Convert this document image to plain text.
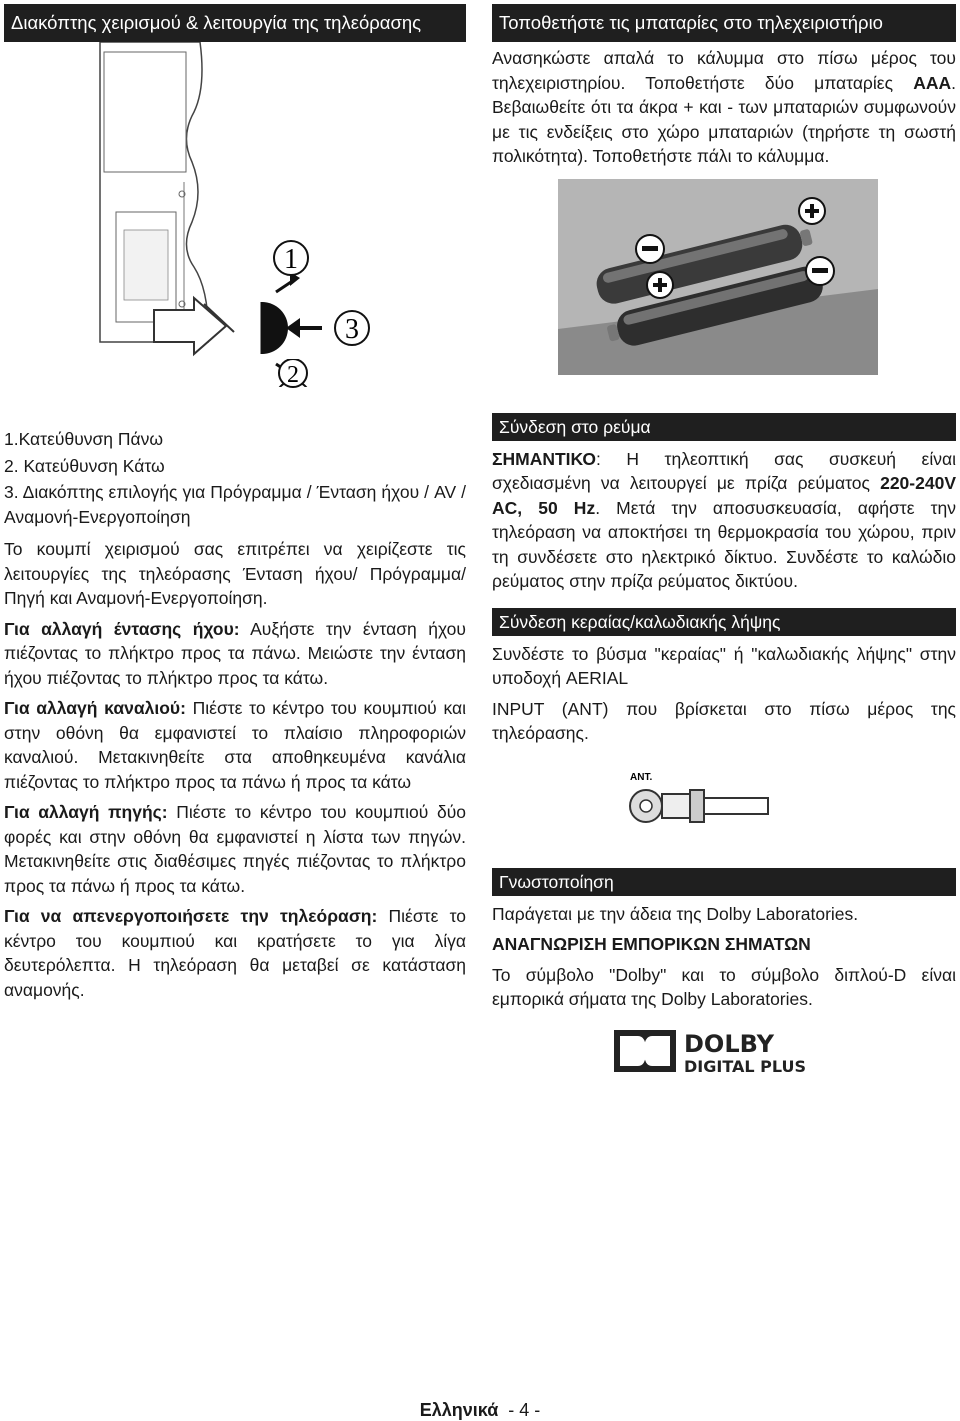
Διακόπτης χειρισμού & λειτουργία της τηλεόρασης
1
3
2

1.Κατεύθυνση Πάνω

2. Κατεύθυνση Κάτω

3. Διακόπτης επιλογής για Πρόγραμμα / Ένταση ήχου / AV / Αναμονή-Ενεργοποίηση

Το κουμπί χειρισμού σας επιτρέπει να χειρίζεστε τις λειτουργίες της τηλεόρασης Ένταση ήχου/ Πρόγραμμα/ Πηγή και Αναμονή-Ενεργοποίηση.

Για αλλαγή έντασης ήχου: Αυξήστε την ένταση ήχου πιέζοντας το πλήκτρο προς τα πάνω. Μειώστε την ένταση ήχου πιέζοντας το πλήκτρο προς τα κάτω.

Για αλλαγή καναλιού: Πιέστε το κέντρο του κουμπιού και στην οθόνη θα εμφανιστεί το πλαίσιο πληροφοριών καναλιού. Μετακινηθείτε στα αποθηκευμένα κανάλια πιέζοντας το πλήκτρο προς τα πάνω ή προς τα κάτω

Για αλλαγή πηγής: Πιέστε το κέντρο του κουμπιού δύο φορές και στην οθόνη θα εμφανιστεί η λίστα των πηγών. Μετακινηθείτε στις διαθέσιμες πηγές πιέζοντας το πλήκτρο προς τα πάνω ή προς τα κάτω.

Για να απενεργοποιήσετε την τηλεόραση: Πιέστε το κέντρο του κουμπιού και κρατήσετε το για λίγα δευτερόλεπτα. Η τηλεόραση θα μεταβεί σε κατάσταση αναμονής.

Τοποθετήστε τις μπαταρίες στο τηλεχειριστήριο

Ανασηκώστε απαλά το κάλυμμα στο πίσω μέρος του τηλεχειριστηρίου. Τοποθετήστε δύο μπαταρίες AAA. Βεβαιωθείτε ότι τα άκρα + και - των μπαταριών συμφωνούν με τις ενδείξεις στο χώρο μπαταριών (τηρήστε τη σωστή πολικότητα). Τοποθετήστε πάλι το κάλυμμα.

Σύνδεση στο ρεύμα

ΣΗΜΑΝΤΙΚΟ: Η τηλεοπτική σας συσκευή είναι σχεδιασμένη να λειτουργεί με πρίζα ρεύματος 220-240V AC, 50 Hz. Μετά την αποσυσκευασία, αφήστε την τηλεόραση να αποκτήσει τη θερμοκρασία του χώρου, πριν τη συνδέσετε στο ηλεκτρικό δίκτυο. Συνδέστε το καλώδιο ρεύματος στην πρίζα ρεύματος δικτύου.

Σύνδεση κεραίας/καλωδιακής λήψης

Συνδέστε το βύσμα "κεραίας" ή "καλωδιακής λήψης" στην υποδοχή AERIAL

INPUT (ANT) που βρίσκεται στο πίσω μέρος της τηλεόρασης.

ANT.
Γνωστοποίηση

Παράγεται με την άδεια της Dolby Laboratories.

ΑΝΑΓΝΩΡΙΣΗ ΕΜΠΟΡΙΚΩΝ ΣΗΜΑΤΩΝ

Το σύμβολο "Dolby" και το σύμβολο διπλού-D είναι εμπορικά σήματα της Dolby Laboratories.

DOLBY
DIGITAL PLUS
Ελληνικά - 4 -
